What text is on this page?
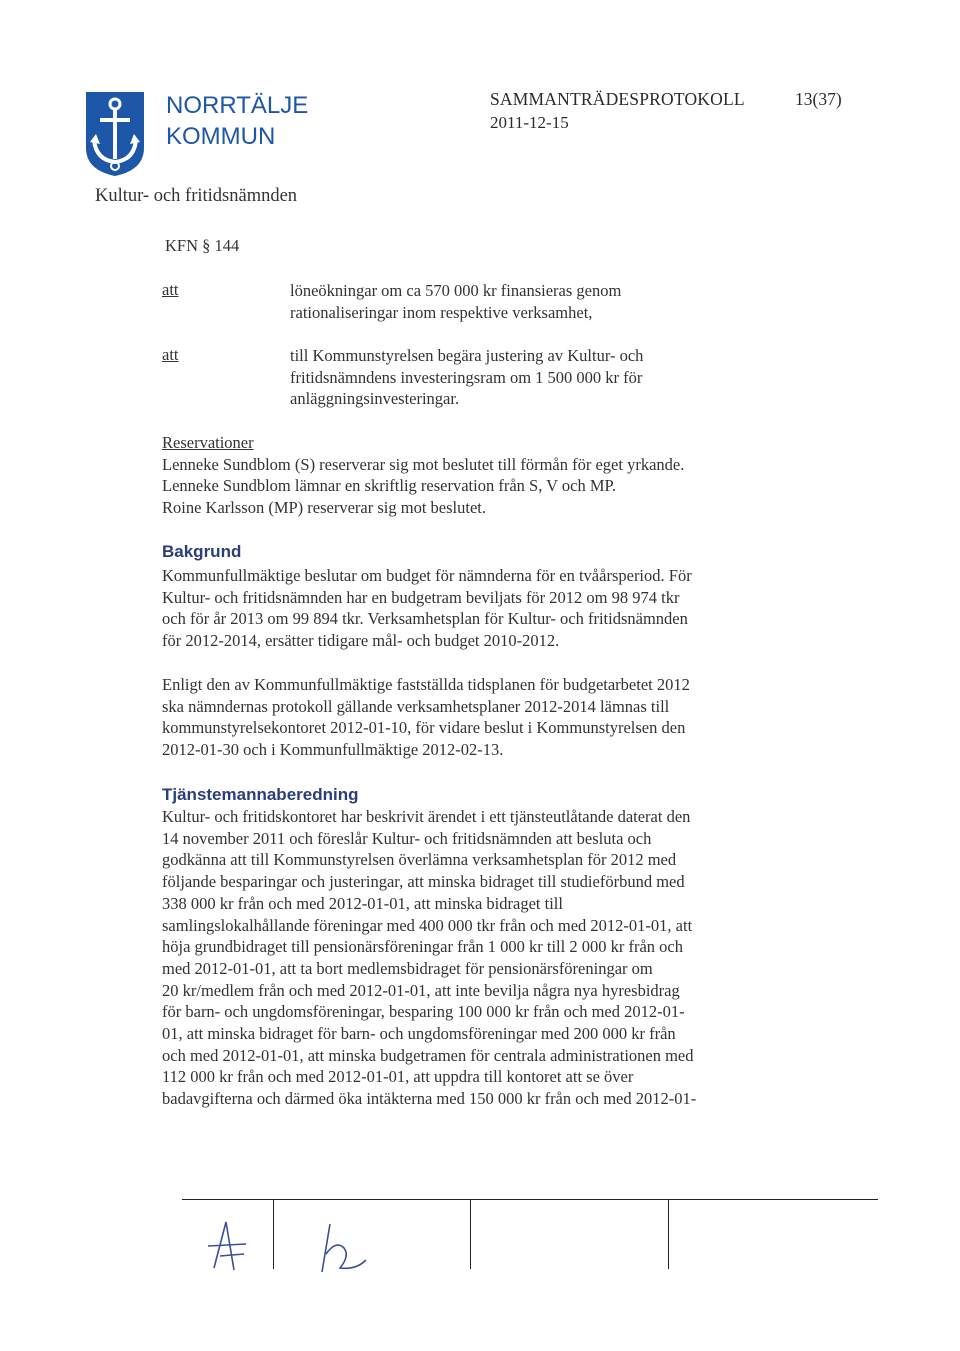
NORRTÄLJE
KOMMUN
SAMMANTRÄDESPROTOKOLL	13(37)
2011-12-15
Kultur- och fritidsnämnden
KFN § 144
att	löneökningar om ca 570 000 kr finansieras genom
rationaliseringar inom respektive verksamhet,
att	till Kommunstyrelsen begära justering av Kultur- och
fritidsnämndens investeringsram om 1 500 000 kr för
anläggningsinvesteringar.
Reservationer
Lenneke Sundblom (S) reserverar sig mot beslutet till förmån för eget yrkande.
Lenneke Sundblom lämnar en skriftlig reservation från S, V och MP.
Roine Karlsson (MP) reserverar sig mot beslutet.
Bakgrund
Kommunfullmäktige beslutar om budget för nämnderna för en tvåårsperiod. För
Kultur- och fritidsnämnden har en budgetram beviljats för 2012 om 98 974 tkr
och för år 2013 om 99 894 tkr. Verksamhetsplan för Kultur- och fritidsnämnden
för 2012-2014, ersätter tidigare mål- och budget 2010-2012.
Enligt den av Kommunfullmäktige fastställda tidsplanen för budgetarbetet 2012
ska nämndernas protokoll gällande verksamhetsplaner 2012-2014 lämnas till
kommunstyrelsekontoret 2012-01-10, för vidare beslut i Kommunstyrelsen den
2012-01-30 och i Kommunfullmäktige 2012-02-13.
Tjänstemannaberedning
Kultur- och fritidskontoret har beskrivit ärendet i ett tjänsteutlåtande daterat den
14 november 2011 och föreslår Kultur- och fritidsnämnden att besluta och
godkänna att till Kommunstyrelsen överlämna verksamhetsplan för 2012 med
följande besparingar och justeringar, att minska bidraget till studieförbund med
338 000 kr från och med 2012-01-01, att minska bidraget till
samlingslokalhållande föreningar med 400 000 tkr från och med 2012-01-01, att
höja grundbidraget till pensionärsföreningar från 1 000 kr till 2 000 kr från och
med 2012-01-01, att ta bort medlemsbidraget för pensionärsföreningar om
20 kr/medlem från och med 2012-01-01, att inte bevilja några nya hyresbidrag
för barn- och ungdomsföreningar, besparing 100 000 kr från och med 2012-01-
01, att minska bidraget för barn- och ungdomsföreningar med 200 000 kr från
och med 2012-01-01, att minska budgetramen för centrala administrationen med
112 000 kr från och med 2012-01-01, att uppdra till kontoret att se över
badavgifterna och därmed öka intäkterna med 150 000 kr från och med 2012-01-
